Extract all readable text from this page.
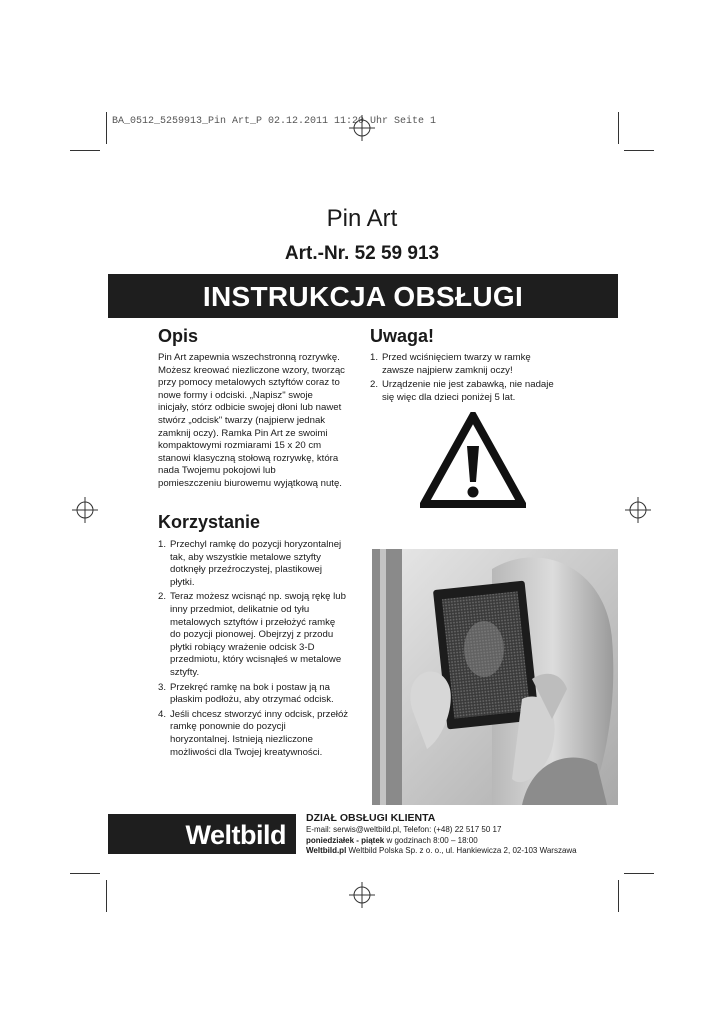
BA_0512_5259913_Pin Art_P 02.12.2011 11:20 Uhr Seite 1
Pin Art
Art.-Nr. 52 59 913
INSTRUKCJA OBSŁUGI
Opis
Pin Art zapewnia wszechstronną rozrywkę.
Możesz kreować niezliczone wzory, tworząc
przy pomocy metalowych sztyftów coraz to
nowe formy i odciski. „Napisz" swoje
inicjały, stórz odbicie swojej dłoni lub nawet
stwórz „odcisk" twarzy (najpierw jednak
zamknij oczy). Ramka Pin Art ze swoimi
kompaktowymi rozmiarami 15 x 20 cm
stanowi klasyczną stołową rozrywkę, która
nada Twojemu pokojowi lub
pomieszczeniu biurowemu wyjątkową nutę.
Uwaga!
1. Przed wciśnięciem twarzy w ramkę
zawsze najpierw zamknij oczy!
2. Urządzenie nie jest zabawką, nie nadaje
się więc dla dzieci poniżej 5 lat.
Korzystanie
1. Przechyl ramkę do pozycji horyzontalnej
tak, aby wszystkie metalowe sztyfty
dotknęły przeźroczystej, plastikowej
płytki.
2. Teraz możesz wcisnąć np. swoją rękę lub
inny przedmiot, delikatnie od tyłu
metalowych sztyftów i przełożyć ramkę
do pozycji pionowej. Obejrzyj z przodu
płytki robiący wrażenie odcisk 3-D
przedmiotu, który wcisnąłeś w metalowe
sztyfty.
3. Przekręć ramkę na bok i postaw ją na
płaskim podłożu, aby otrzymać odcisk.
4. Jeśli chcesz stworzyć inny odcisk, przełóż
ramkę ponownie do pozycji
horyzontalnej. Istnieją niezliczone
możliwości dla Twojej kreatywności.
Weltbild
DZIAŁ OBSŁUGI KLIENTA
E-mail: serwis@weltbild.pl, Telefon: (+48) 22 517 50 17
poniedziałek - piątek w godzinach 8:00 – 18:00
Weltbild.pl Weltbild Polska Sp. z o. o., ul. Hankiewicza 2, 02-103 Warszawa
